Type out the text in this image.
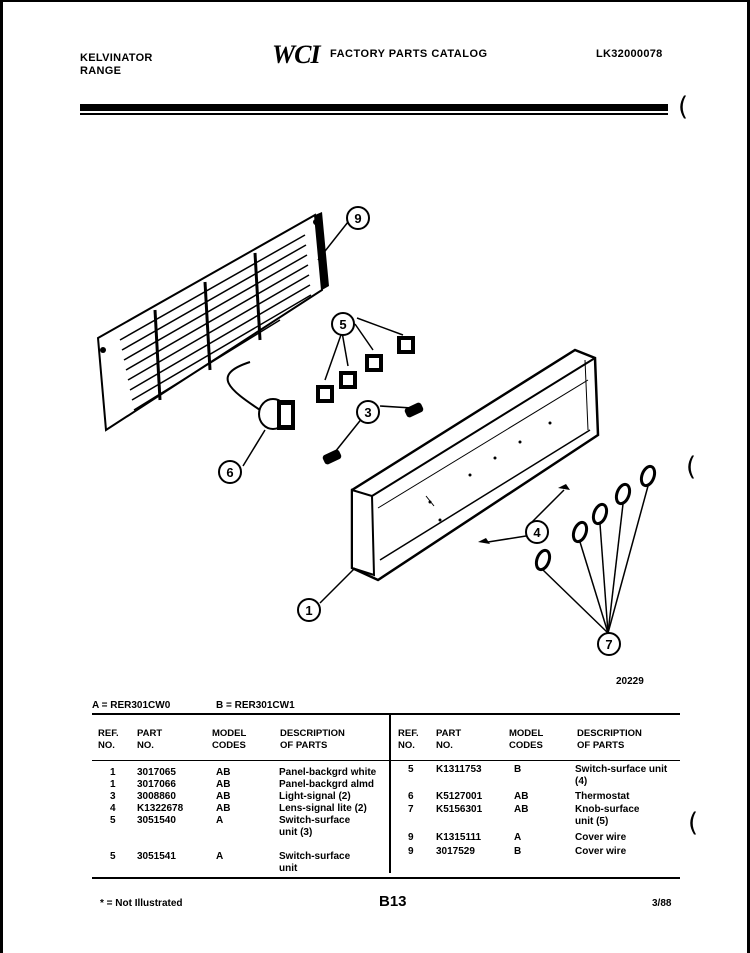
KELVINATOR
RANGE
WCI FACTORY PARTS CATALOG	LK32000078
(
(
(
9
5
3
6
1
4
7
20229
A = RER301CW0	B = RER301CW1
REF. NO.
PART NO.
MODEL CODES
DESCRIPTION OF PARTS
REF. NO.
PART NO.
MODEL CODES
DESCRIPTION OF PARTS
1 3017065	AB	Panel-backgrd white
1 3017066	AB	Panel-backgrd almd
3 3008860	AB	Light-signal (2)
4 K1322678	AB	Lens-signal lite (2)
5 3051540	A	Switch-surface unit (3)
5 3051541	A	Switch-surface unit
5 K1311753	B	Switch-surface unit (4)
6 K5127001	AB	Thermostat
7 K5156301	AB	Knob-surface unit (5)
9 K1315111	A	Cover wire
9 3017529	B	Cover wire
* = Not Illustrated	B13	3/88
